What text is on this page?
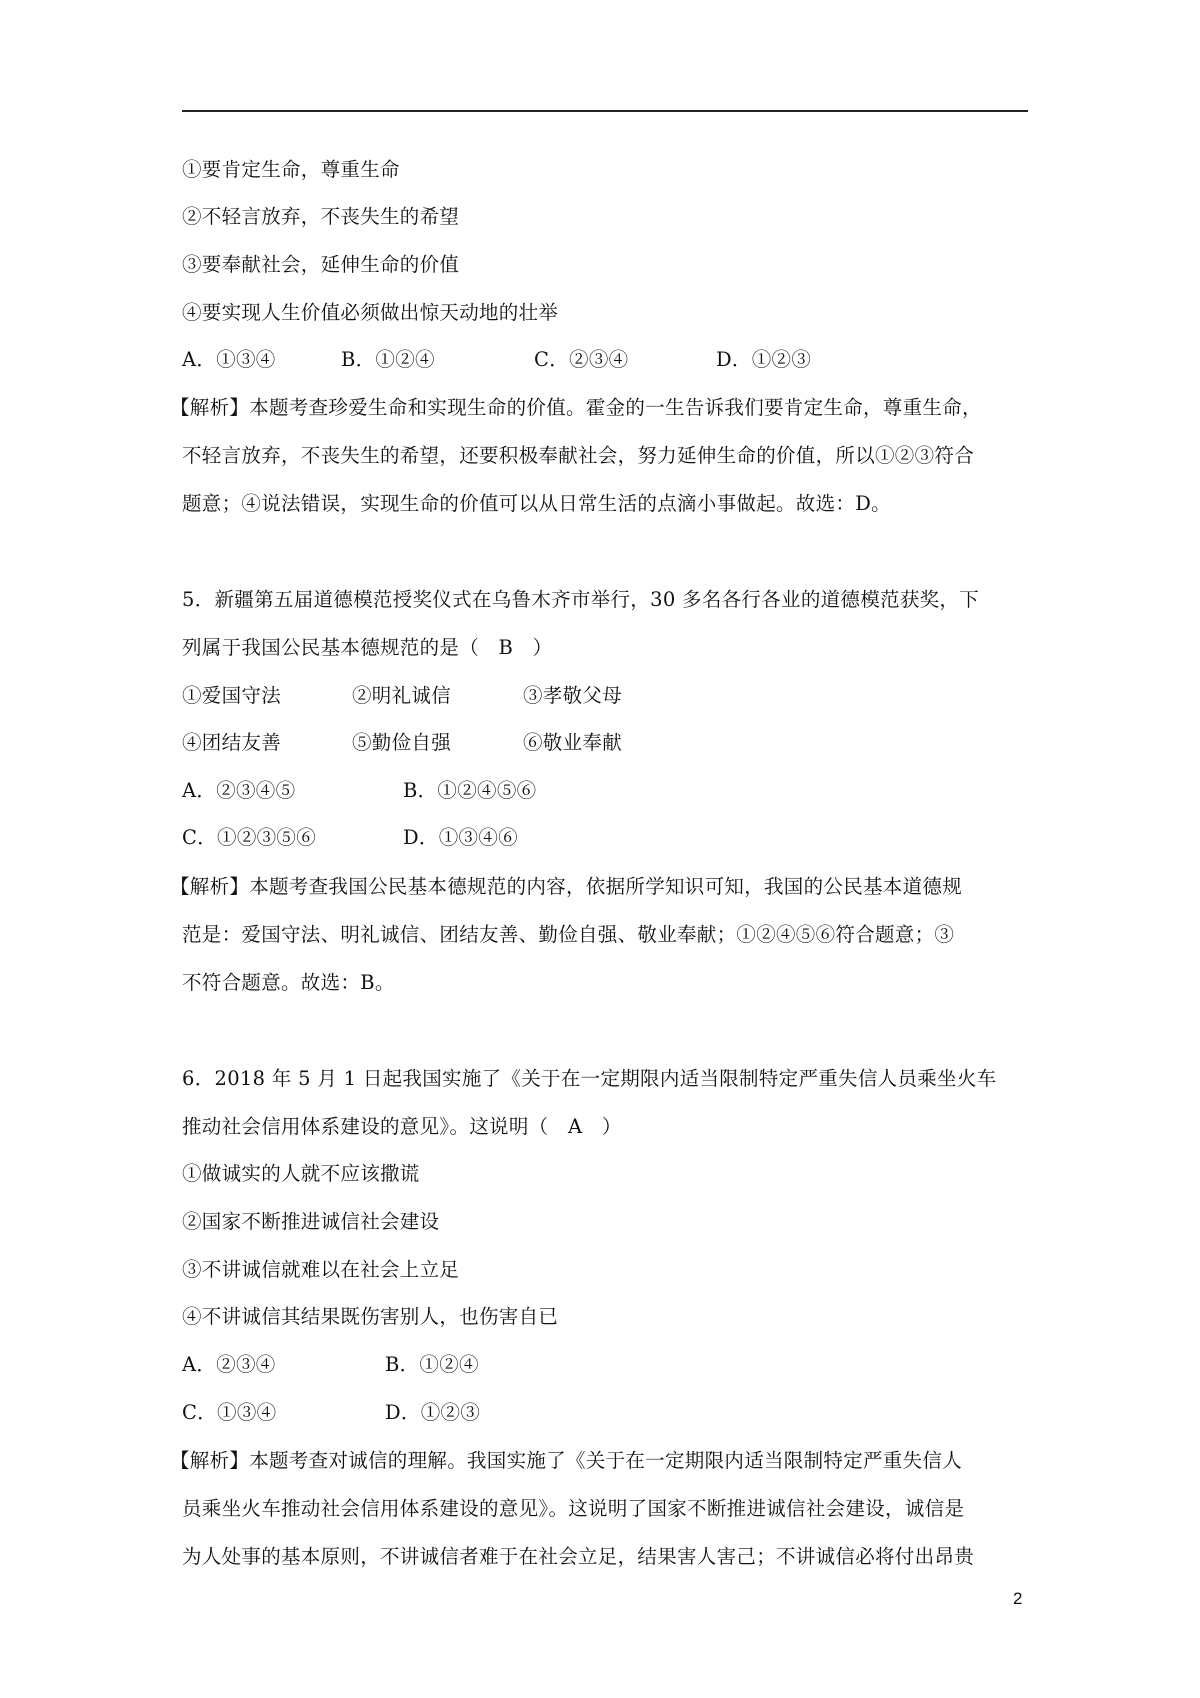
①要肯定生命，尊重生命
②不轻言放弃，不丧失生的希望
③要奉献社会，延伸生命的价值
④要实现人生价值必须做出惊天动地的壮举
A．①③④	B．①②④	C．②③④	D．①②③
【解析】本题考查珍爱生命和实现生命的价值。霍金的一生告诉我们要肯定生命，尊重生命，
不轻言放弃，不丧失生的希望，还要积极奉献社会，努力延伸生命的价值，所以①②③符合
题意；④说法错误，实现生命的价值可以从日常生活的点滴小事做起。故选：D。
5．新疆第五届道德模范授奖仪式在乌鲁木齐市举行，30 多名各行各业的道德模范获奖，下
列属于我国公民基本德规范的是（   B   ）
①爱国守法	②明礼诚信	③孝敬父母
④团结友善	⑤勤俭自强	⑥敬业奉献
A．②③④⑤	B．①②④⑤⑥
C．①②③⑤⑥	D．①③④⑥
【解析】本题考查我国公民基本德规范的内容，依据所学知识可知，我国的公民基本道德规
范是：爱国守法、明礼诚信、团结友善、勤俭自强、敬业奉献；①②④⑤⑥符合题意；③
不符合题意。故选：B。
6．2018 年 5 月 1 日起我国实施了《关于在一定期限内适当限制特定严重失信人员乘坐火车
推动社会信用体系建设的意见》。这说明（   A   ）
①做诚实的人就不应该撒谎
②国家不断推进诚信社会建设
③不讲诚信就难以在社会上立足
④不讲诚信其结果既伤害别人，也伤害自已
A．②③④	B．①②④
C．①③④	D．①②③
【解析】本题考查对诚信的理解。我国实施了《关于在一定期限内适当限制特定严重失信人
员乘坐火车推动社会信用体系建设的意见》。这说明了国家不断推进诚信社会建设，诚信是
为人处事的基本原则，不讲诚信者难于在社会立足，结果害人害己；不讲诚信必将付出昂贵
2
